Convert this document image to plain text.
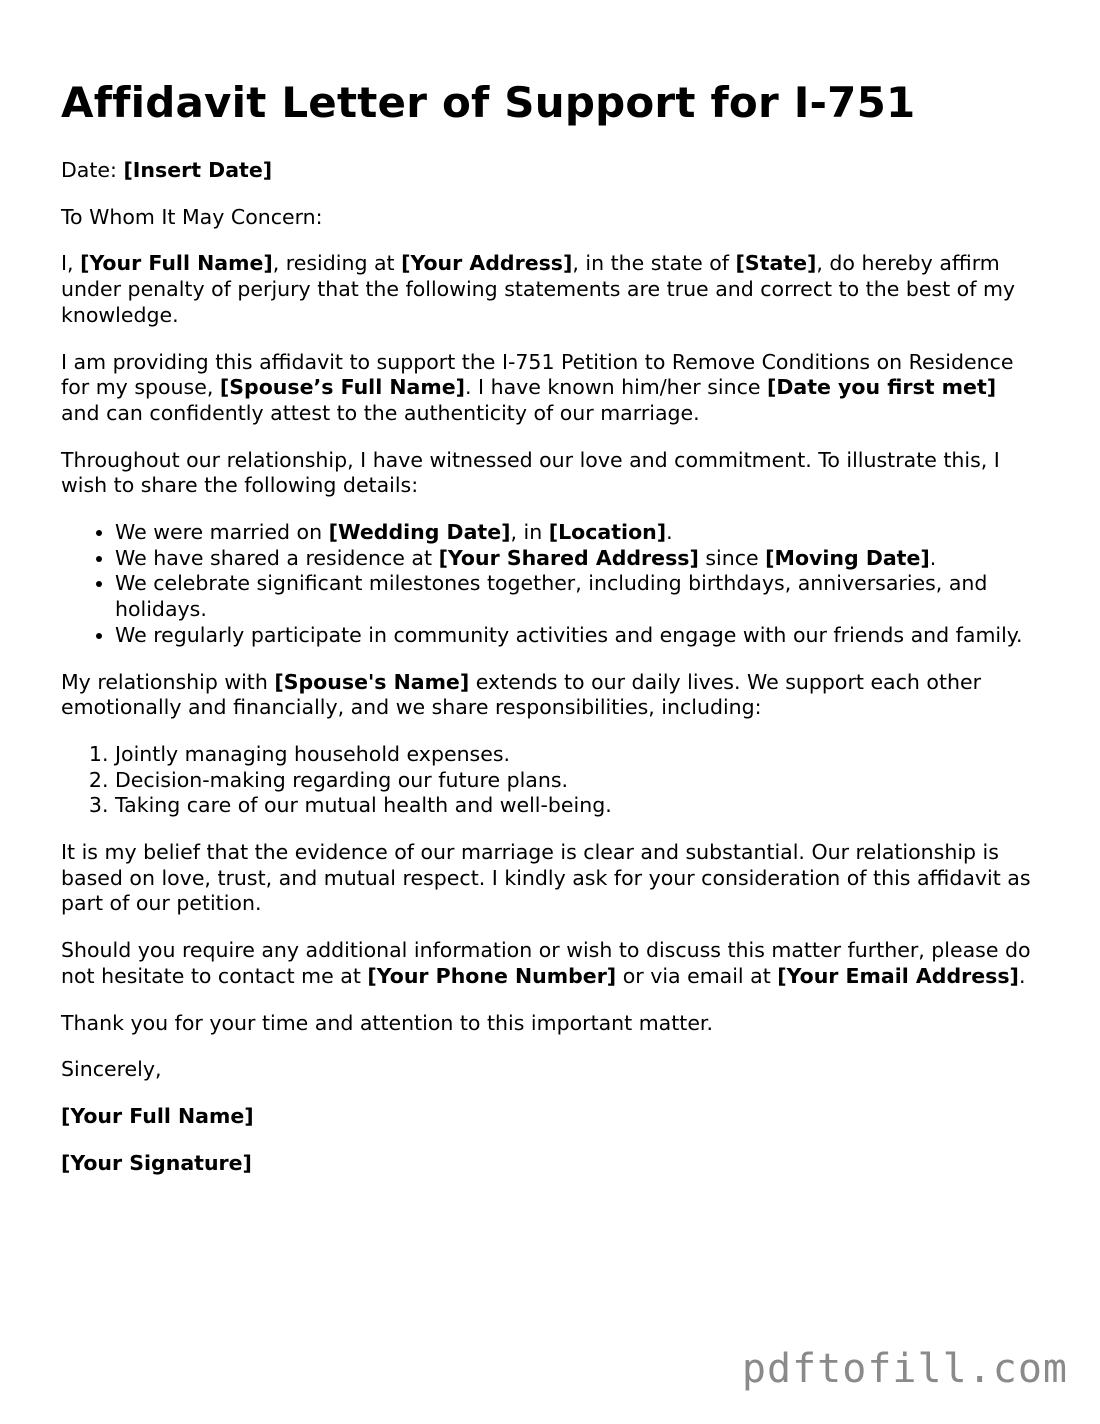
Affidavit Letter of Support for I-751

Date: [Insert Date]

To Whom It May Concern:

I, [Your Full Name], residing at [Your Address], in the state of [State], do hereby affirm under penalty of perjury that the following statements are true and correct to the best of my knowledge.

I am providing this affidavit to support the I-751 Petition to Remove Conditions on Residence for my spouse, [Spouse’s Full Name]. I have known him/her since [Date you first met] and can confidently attest to the authenticity of our marriage.

Throughout our relationship, I have witnessed our love and commitment. To illustrate this, I wish to share the following details:

• We were married on [Wedding Date], in [Location].
• We have shared a residence at [Your Shared Address] since [Moving Date].
• We celebrate significant milestones together, including birthdays, anniversaries, and holidays.
• We regularly participate in community activities and engage with our friends and family.

My relationship with [Spouse's Name] extends to our daily lives. We support each other emotionally and financially, and we share responsibilities, including:

1. Jointly managing household expenses.
2. Decision-making regarding our future plans.
3. Taking care of our mutual health and well-being.

It is my belief that the evidence of our marriage is clear and substantial. Our relationship is based on love, trust, and mutual respect. I kindly ask for your consideration of this affidavit as part of our petition.

Should you require any additional information or wish to discuss this matter further, please do not hesitate to contact me at [Your Phone Number] or via email at [Your Email Address].

Thank you for your time and attention to this important matter.

Sincerely,

[Your Full Name]

[Your Signature]

pdftofill.com
